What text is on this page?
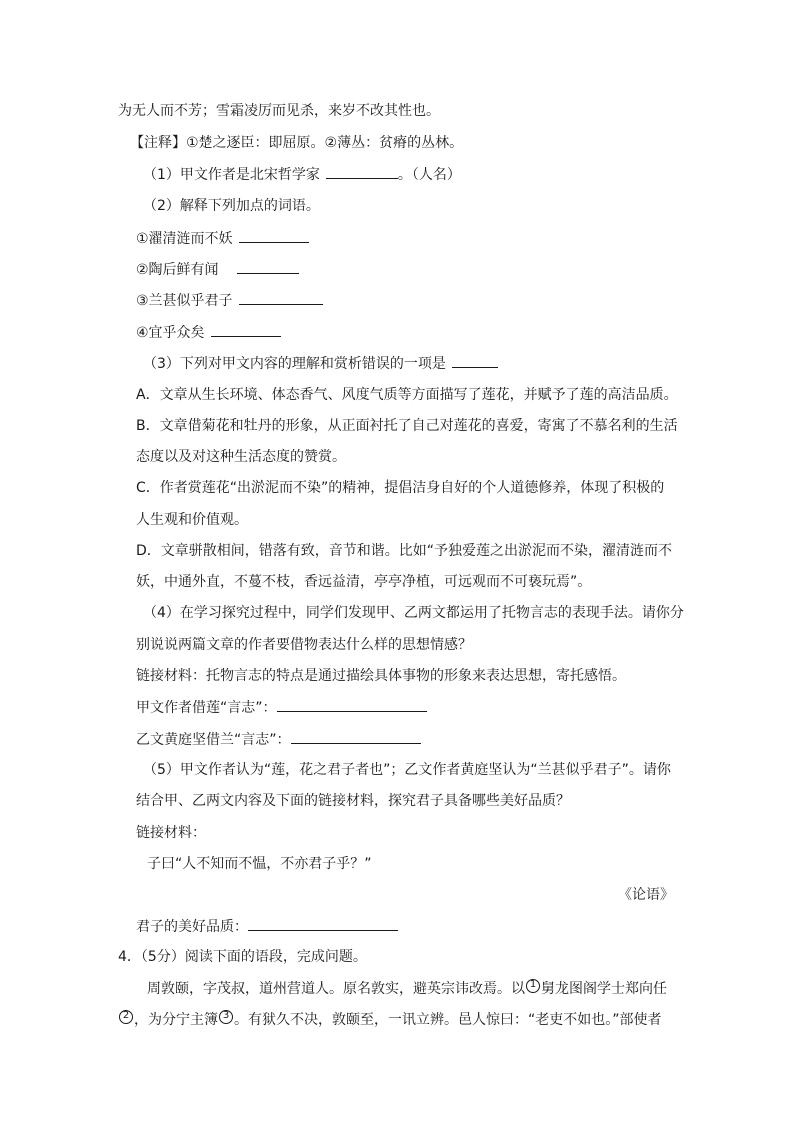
为无人而不芳；雪霜凌厉而见杀，来岁不改其性也。
【注释】①楚之逐臣：即屈原。②薄丛：贫瘠的丛林。
（1）甲文作者是北宋哲学家	。（人名）
（2）解释下列加点的词语。
①濯清涟而不妖
②陶后鲜有闻
③兰甚似乎君子
④宜乎众矣
（3）下列对甲文内容的理解和赏析错误的一项是
A．文章从生长环境、体态香气、风度气质等方面描写了莲花，并赋予了莲的高洁品质。
B．文章借菊花和牡丹的形象，从正面衬托了自己对莲花的喜爱，寄寓了不慕名利的生活
态度以及对这种生活态度的赞赏。
C．作者赏莲花“出淤泥而不染”的精神，提倡洁身自好的个人道德修养，体现了积极的
人生观和价值观。
D．文章骈散相间，错落有致，音节和谐。比如“予独爱莲之出淤泥而不染，濯清涟而不
妖，中通外直，不蔓不枝，香远益清，亭亭净植，可远观而不可亵玩焉”。
（4）在学习探究过程中，同学们发现甲、乙两文都运用了托物言志的表现手法。请你分
别说说两篇文章的作者要借物表达什么样的思想情感？
链接材料：托物言志的特点是通过描绘具体事物的形象来表达思想，寄托感悟。
甲文作者借莲“言志”：
乙文黄庭坚借兰“言志”：
（5）甲文作者认为“莲，花之君子者也”；乙文作者黄庭坚认为“兰甚似乎君子”。请你
结合甲、乙两文内容及下面的链接材料，探究君子具备哪些美好品质？
链接材料：
子曰“人不知而不愠，不亦君子乎？”
《论语》
君子的美好品质：
4．（5分）阅读下面的语段，完成问题。
周敦颐，字茂叔，道州营道人。原名敦实，避英宗讳改焉。以 1 舅龙图阁学士郑向任
2 ，为分宁主簿 3 。有狱久不决，敦颐至，一讯立辨。邑人惊曰：“老吏不如也。”部使者
